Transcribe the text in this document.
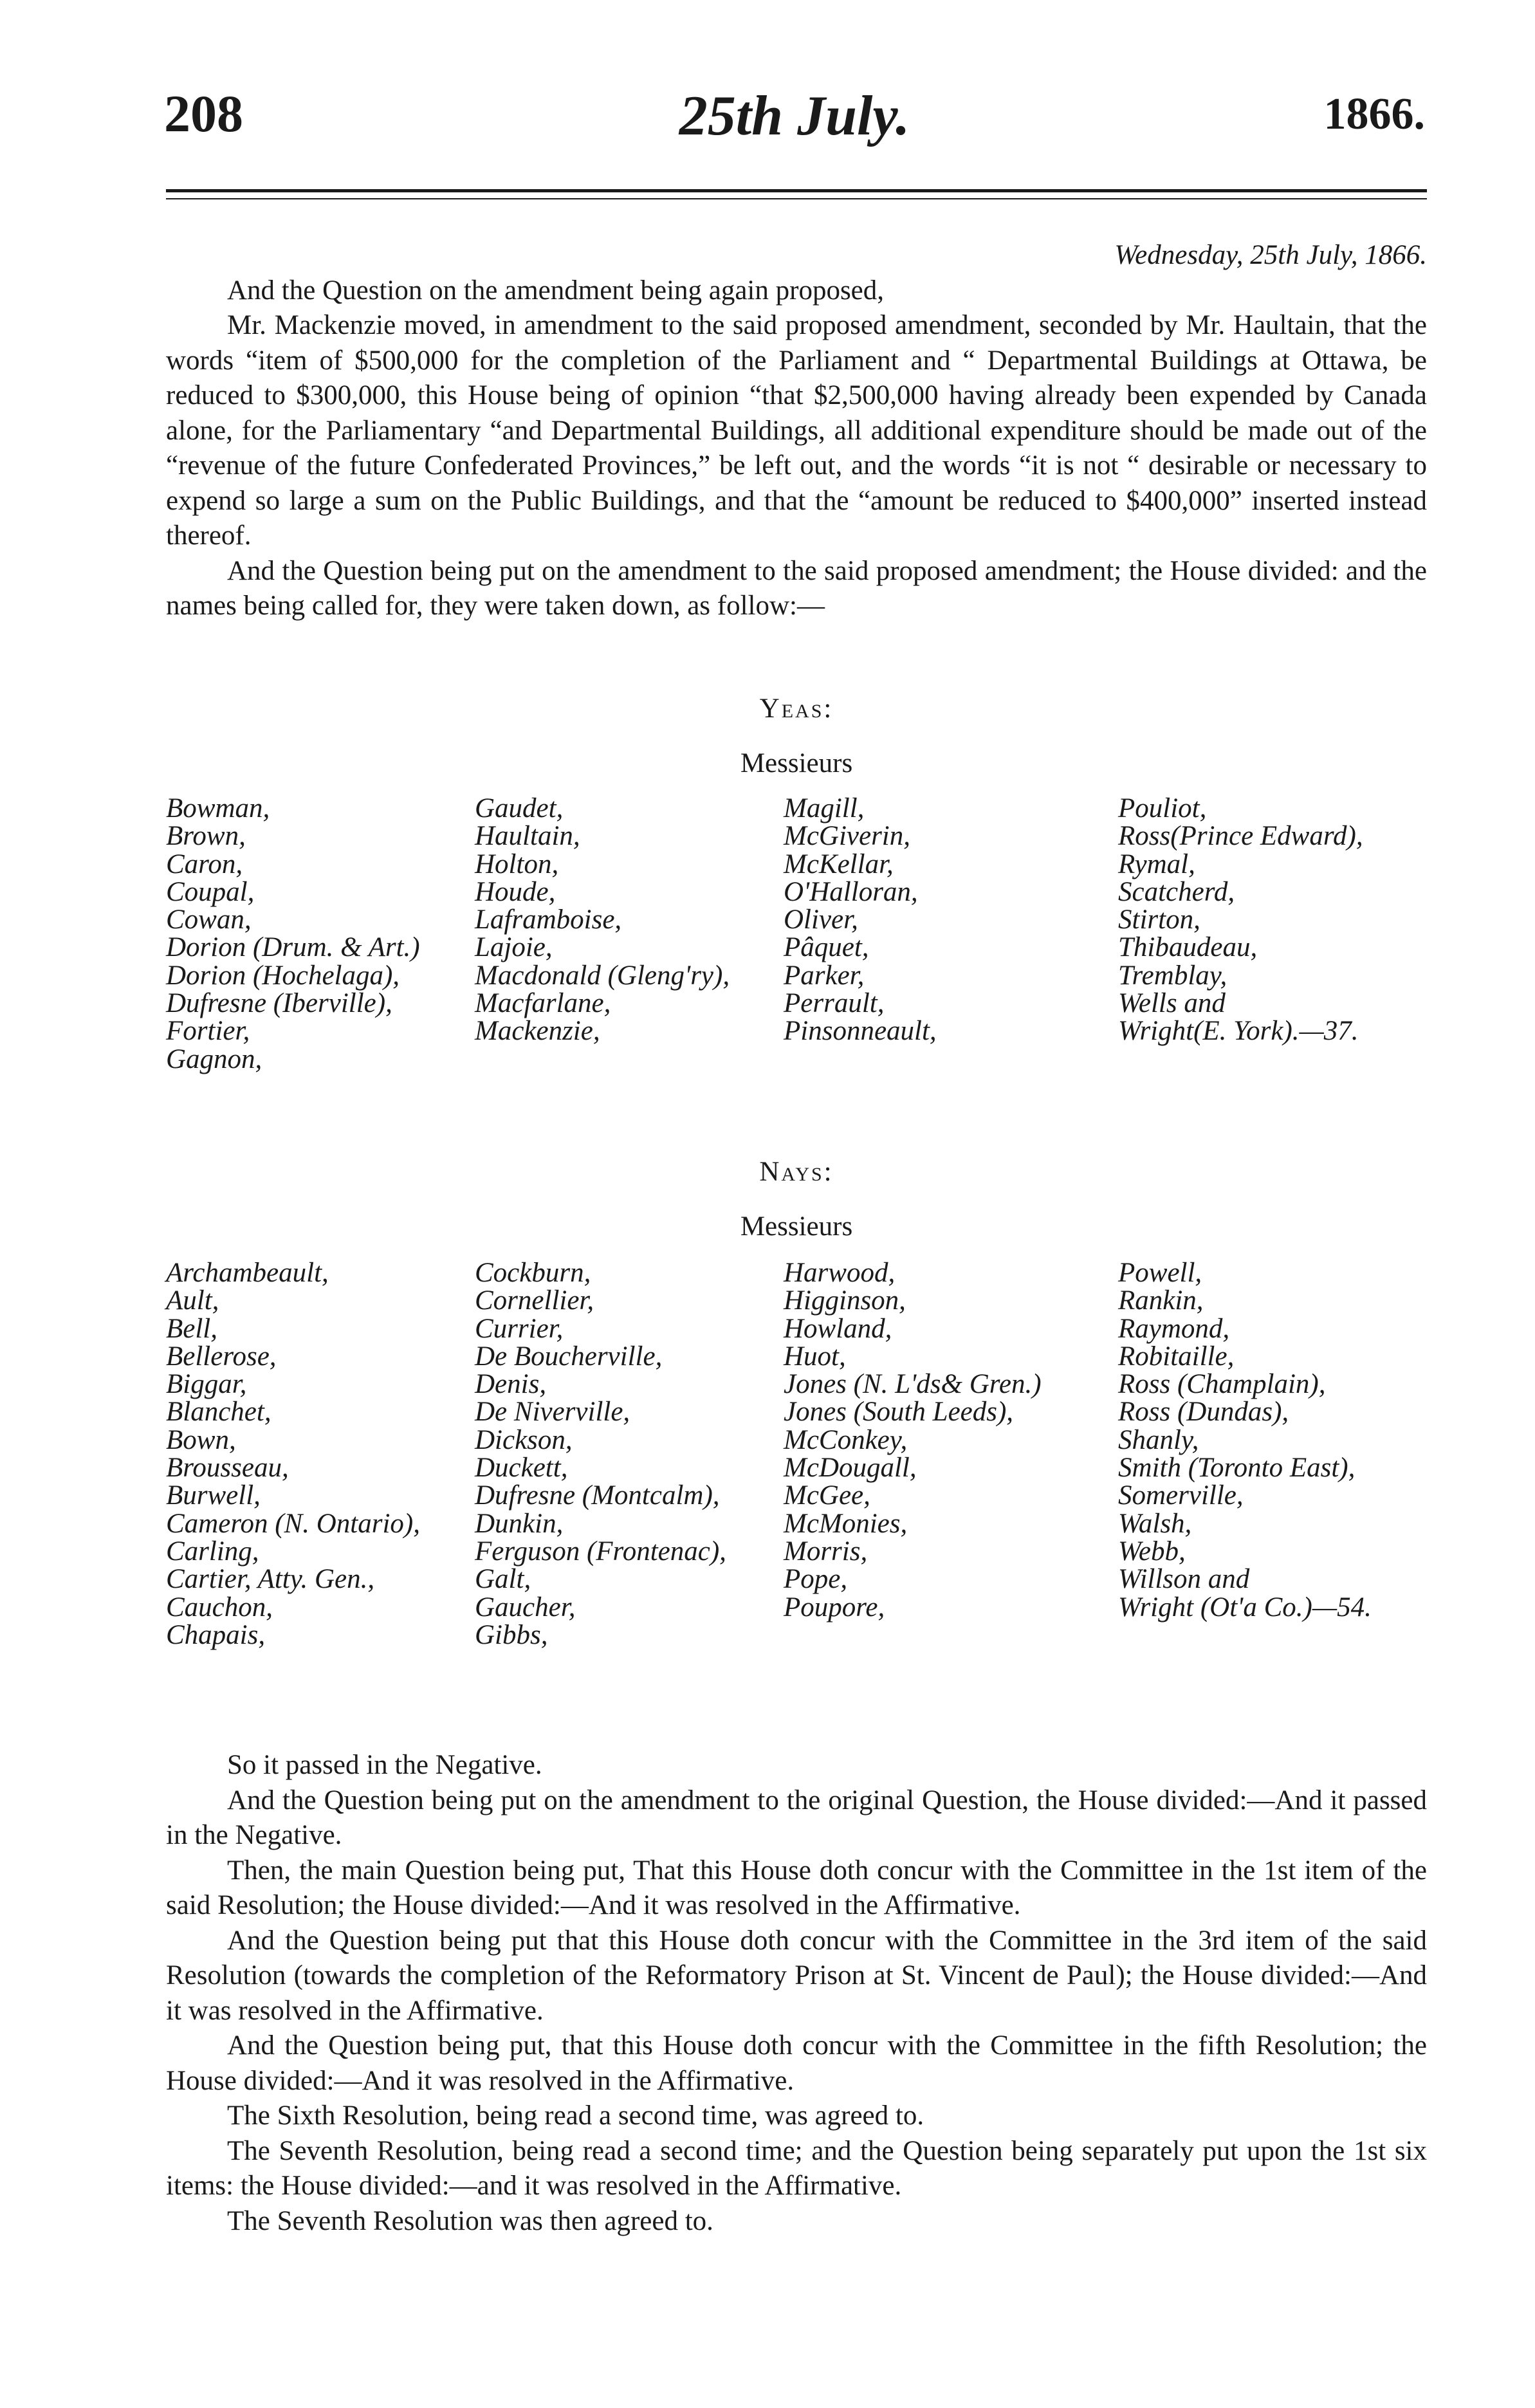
208	25th July.	1866.

Wednesday, 25th July, 1866.

And the Question on the amendment being again proposed,

Mr. Mackenzie moved, in amendment to the said proposed amendment, seconded by Mr. Haultain, that the words “item of $500,000 for the completion of the Parliament and “ Departmental Buildings at Ottawa, be reduced to $300,000, this House being of opinion “that $2,500,000 having already been expended by Canada alone, for the Parliamentary “and Departmental Buildings, all additional expenditure should be made out of the “revenue of the future Confederated Provinces,” be left out, and the words “it is not “ desirable or necessary to expend so large a sum on the Public Buildings, and that the “amount be reduced to $400,000” inserted instead thereof.

And the Question being put on the amendment to the said proposed amendment; the House divided: and the names being called for, they were taken down, as follow:—

Yeas:

Messieurs

Bowman,	Gaudet,	Magill,	Pouliot,
Brown,	Haultain,	McGiverin,	Ross(Prince Edward),
Caron,	Holton,	McKellar,	Rymal,
Coupal,	Houde,	O'Halloran,	Scatcherd,
Cowan,	Laframboise,	Oliver,	Stirton,
Dorion (Drum. & Art.)	Lajoie,	Pâquet,	Thibaudeau,
Dorion (Hochelaga),	Macdonald (Gleng'ry),	Parker,	Tremblay,
Dufresne (Iberville),	Macfarlane,	Perrault,	Wells and
Fortier,	Mackenzie,	Pinsonneault,	Wright(E. York).—37.
Gagnon,

Nays:

Messieurs

Archambeault,	Cockburn,	Harwood,	Powell,
Ault,	Cornellier,	Higginson,	Rankin,
Bell,	Currier,	Howland,	Raymond,
Bellerose,	De Boucherville,	Huot,	Robitaille,
Biggar,	Denis,	Jones (N. L'ds& Gren.)	Ross (Champlain),
Blanchet,	De Niverville,	Jones (South Leeds),	Ross (Dundas),
Bown,	Dickson,	McConkey,	Shanly,
Brousseau,	Duckett,	McDougall,	Smith (Toronto East),
Burwell,	Dufresne (Montcalm),	McGee,	Somerville,
Cameron (N. Ontario),	Dunkin,	McMonies,	Walsh,
Carling,	Ferguson (Frontenac),	Morris,	Webb,
Cartier, Atty. Gen.,	Galt,	Pope,	Willson and
Cauchon,	Gaucher,	Poupore,	Wright (Ot'a Co.)—54.
Chapais,	Gibbs,

So it passed in the Negative.

And the Question being put on the amendment to the original Question, the House divided:—And it passed in the Negative.

Then, the main Question being put, That this House doth concur with the Committee in the 1st item of the said Resolution; the House divided:—And it was resolved in the Affirmative.

And the Question being put that this House doth concur with the Committee in the 3rd item of the said Resolution (towards the completion of the Reformatory Prison at St. Vincent de Paul); the House divided:—And it was resolved in the Affirmative.

And the Question being put, that this House doth concur with the Committee in the fifth Resolution; the House divided:—And it was resolved in the Affirmative.

The Sixth Resolution, being read a second time, was agreed to.

The Seventh Resolution, being read a second time; and the Question being separately put upon the 1st six items: the House divided:—and it was resolved in the Affirmative.

The Seventh Resolution was then agreed to.
